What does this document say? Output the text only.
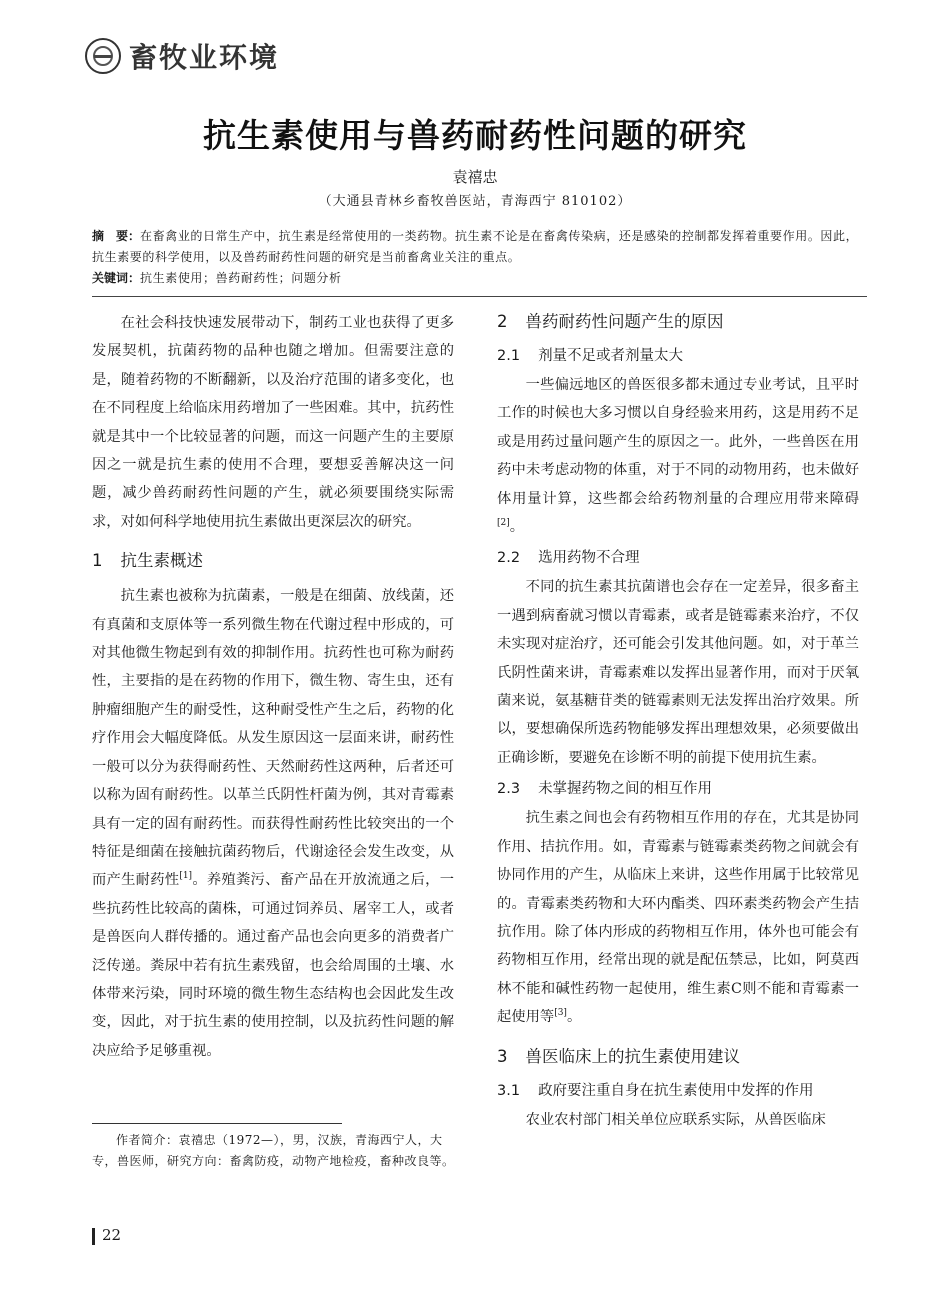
畜牧业环境
抗生素使用与兽药耐药性问题的研究
袁禧忠
（大通县青林乡畜牧兽医站，青海西宁 810102）
摘　要：在畜禽业的日常生产中，抗生素是经常使用的一类药物。抗生素不论是在畜禽传染病，还是感染的控制都发挥着重要作用。因此，抗生素要的科学使用，以及兽药耐药性问题的研究是当前畜禽业关注的重点。
关键词：抗生素使用；兽药耐药性；问题分析

在社会科技快速发展带动下，制药工业也获得了更多发展契机，抗菌药物的品种也随之增加。但需要注意的是，随着药物的不断翻新，以及治疗范围的诸多变化，也在不同程度上给临床用药增加了一些困难。其中，抗药性就是其中一个比较显著的问题，而这一问题产生的主要原因之一就是抗生素的使用不合理，要想妥善解决这一问题，减少兽药耐药性问题的产生，就必须要围绕实际需求，对如何科学地使用抗生素做出更深层次的研究。

1 抗生素概述

抗生素也被称为抗菌素，一般是在细菌、放线菌，还有真菌和支原体等一系列微生物在代谢过程中形成的，可对其他微生物起到有效的抑制作用。抗药性也可称为耐药性，主要指的是在药物的作用下，微生物、寄生虫，还有肿瘤细胞产生的耐受性，这种耐受性产生之后，药物的化疗作用会大幅度降低。从发生原因这一层面来讲，耐药性一般可以分为获得耐药性、天然耐药性这两种，后者还可以称为固有耐药性。以革兰氏阴性杆菌为例，其对青霉素具有一定的固有耐药性。而获得性耐药性比较突出的一个特征是细菌在接触抗菌药物后，代谢途径会发生改变，从而产生耐药性[1]。养殖粪污、畜产品在开放流通之后，一些抗药性比较高的菌株，可通过饲养员、屠宰工人，或者是兽医向人群传播的。通过畜产品也会向更多的消费者广泛传递。粪尿中若有抗生素残留，也会给周围的土壤、水体带来污染，同时环境的微生物生态结构也会因此发生改变，因此，对于抗生素的使用控制，以及抗药性问题的解决应给予足够重视。

2 兽药耐药性问题产生的原因
2.1 剂量不足或者剂量太大

一些偏远地区的兽医很多都未通过专业考试，且平时工作的时候也大多习惯以自身经验来用药，这是用药不足或是用药过量问题产生的原因之一。此外，一些兽医在用药中未考虑动物的体重，对于不同的动物用药，也未做好体用量计算，这些都会给药物剂量的合理应用带来障碍[2]。

2.2 选用药物不合理

不同的抗生素其抗菌谱也会存在一定差异，很多畜主一遇到病畜就习惯以青霉素，或者是链霉素来治疗，不仅未实现对症治疗，还可能会引发其他问题。如，对于革兰氏阴性菌来讲，青霉素难以发挥出显著作用，而对于厌氧菌来说，氨基糖苷类的链霉素则无法发挥出治疗效果。所以，要想确保所选药物能够发挥出理想效果，必须要做出正确诊断，要避免在诊断不明的前提下使用抗生素。

2.3 未掌握药物之间的相互作用

抗生素之间也会有药物相互作用的存在，尤其是协同作用、拮抗作用。如，青霉素与链霉素类药物之间就会有协同作用的产生，从临床上来讲，这些作用属于比较常见的。青霉素类药物和大环内酯类、四环素类药物会产生拮抗作用。除了体内形成的药物相互作用，体外也可能会有药物相互作用，经常出现的就是配伍禁忌，比如，阿莫西林不能和碱性药物一起使用，维生素C则不能和青霉素一起使用等[3]。

3 兽医临床上的抗生素使用建议
3.1 政府要注重自身在抗生素使用中发挥的作用

农业农村部门相关单位应联系实际，从兽医临床

作者简介：袁禧忠（1972—），男，汉族，青海西宁人，大专，兽医师，研究方向：畜禽防疫，动物产地检疫，畜种改良等。
22
